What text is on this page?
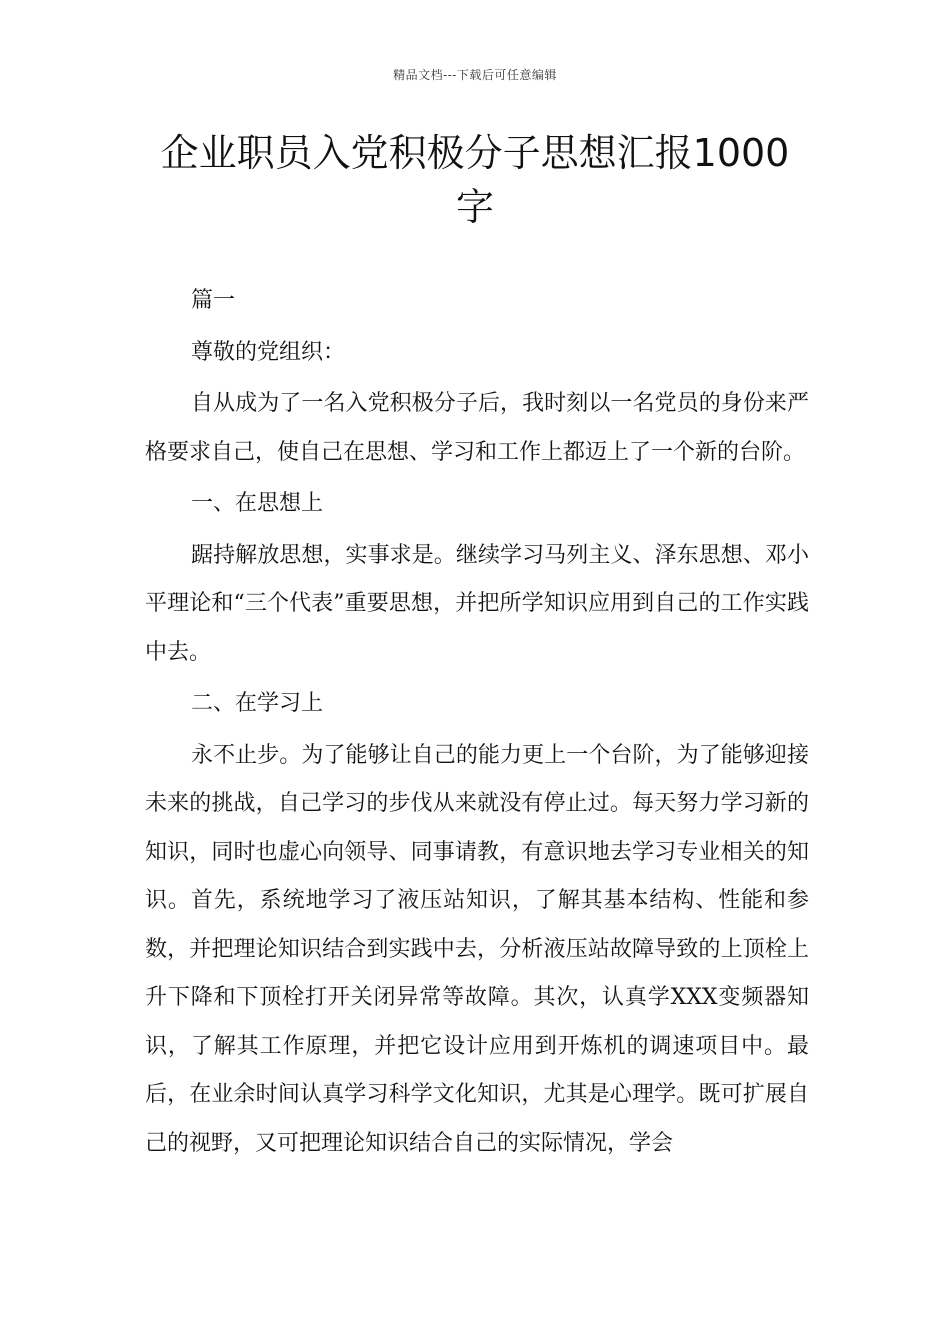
精品文档---下载后可任意编辑
企业职员入党积极分子思想汇报1000字

篇一

尊敬的党组织：

自从成为了一名入党积极分子后，我时刻以一名党员的身份来严格要求自己，使自己在思想、学习和工作上都迈上了一个新的台阶。

一、在思想上

踞持解放思想，实事求是。继续学习马列主义、泽东思想、邓小平理论和“三个代表”重要思想，并把所学知识应用到自己的工作实践中去。

二、在学习上

永不止步。为了能够让自己的能力更上一个台阶，为了能够迎接未来的挑战，自己学习的步伐从来就没有停止过。每天努力学习新的知识，同时也虚心向领导、同事请教，有意识地去学习专业相关的知识。首先，系统地学习了液压站知识，了解其基本结构、性能和参数，并把理论知识结合到实践中去，分析液压站故障导致的上顶栓上升下降和下顶栓打开关闭异常等故障。其次，认真学XXX变频器知识，了解其工作原理，并把它设计应用到开炼机的调速项目中。最后，在业余时间认真学习科学文化知识，尤其是心理学。既可扩展自己的视野，又可把理论知识结合自己的实际情况，学会
